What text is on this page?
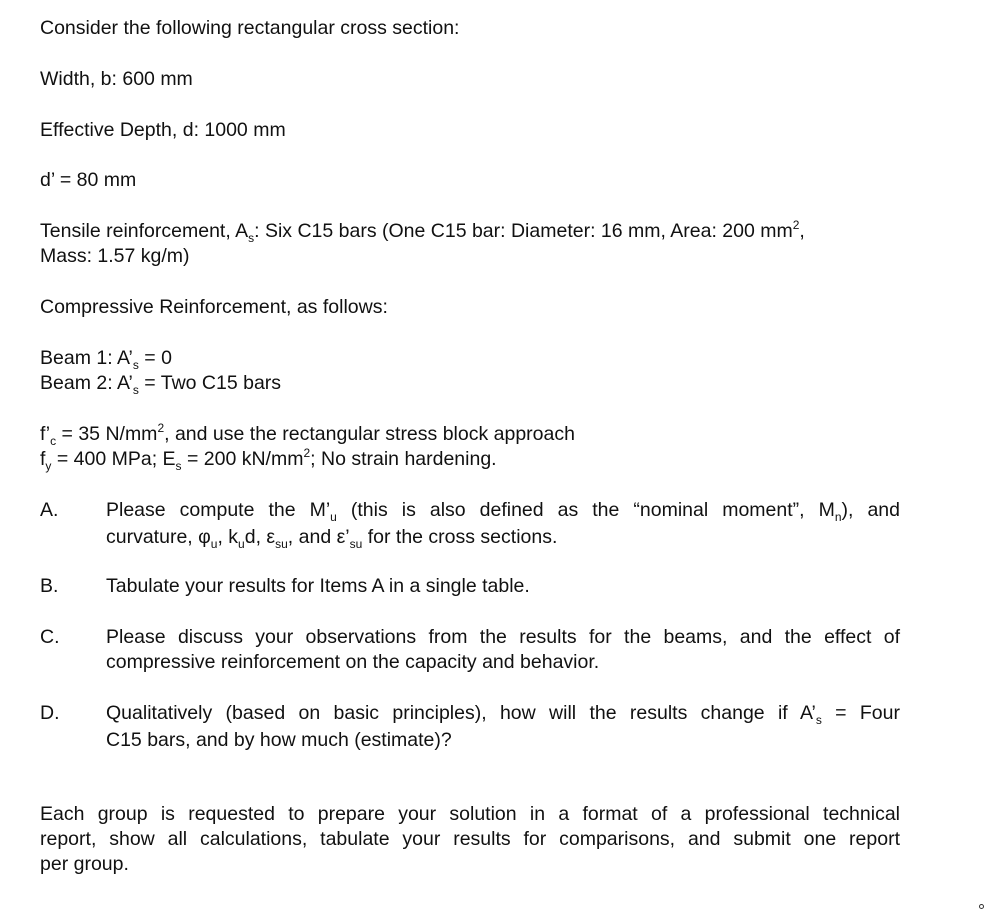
Consider the following rectangular cross section:

Width, b: 600 mm

Effective Depth, d: 1000 mm

d’ = 80 mm

Tensile reinforcement, $A_s$: Six C15 bars (One C15 bar: Diameter: 16 mm, Area: 200 $mm^2$,

Mass: 1.57 kg/m)

Compressive Reinforcement, as follows:

Beam 1: $A’_s = 0$

Beam 2: $A’_s$ = Two C15 bars

$f’_c = 35$ $N/mm^2$, and use the rectangular stress block approach

$f_y = 400$ MPa; $E_s = 200$ $kN/mm^2$; No strain hardening.

A. Please compute the $M’_u$ (this is also defined as the “nominal moment”, $M_n$), and
curvature, $\varphi_u$, $k_ud$, $\varepsilon_{su}$, and $\varepsilon’_{su}$ for the cross sections.
B. Tabulate your results for Items A in a single table.
C. Please discuss your observations from the results for the beams, and the effect of
compressive reinforcement on the capacity and behavior.
D. Qualitatively (based on basic principles), how will the results change if $A’_s$ = Four
C15 bars, and by how much (estimate)?
Each group is requested to prepare your solution in a format of a professional technical
report, show all calculations, tabulate your results for comparisons, and submit one report
per group.
